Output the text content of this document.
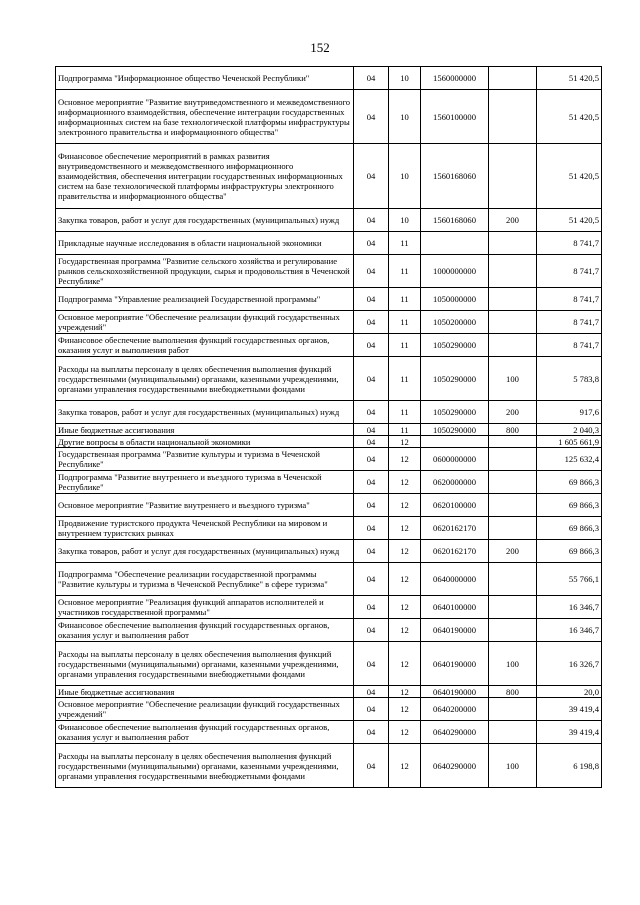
152
Подпрограмма "Информационное общество Чеченской Республики"	04	10	1560000000		51 420,5
Основное мероприятие "Развитие внутриведомственного и межведомственного информационного взаимодействия, обеспечение интеграции государственных информационных систем на базе технологической платформы инфраструктуры электронного правительства и информационного общества"	04	10	1560100000		51 420,5
Финансовое обеспечение мероприятий в рамках развития внутриведомственного и межведомственного информационного взаимодействия, обеспечения интеграции государственных информационных систем на базе технологической платформы инфраструктуры электронного правительства и информационного общества"	04	10	1560168060		51 420,5
Закупка товаров, работ и услуг для государственных (муниципальных) нужд	04	10	1560168060	200	51 420,5
Прикладные научные исследования в области национальной экономики	04	11			8 741,7
Государственная программа "Развитие сельского хозяйства и регулирование рынков сельскохозяйственной продукции, сырья и продовольствия в Чеченской Республике"	04	11	1000000000		8 741,7
Подпрограмма "Управление реализацией Государственной программы"	04	11	1050000000		8 741,7
Основное мероприятие "Обеспечение реализации функций государственных учреждений"	04	11	1050200000		8 741,7
Финансовое обеспечение выполнения функций государственных органов, оказания услуг и выполнения работ	04	11	1050290000		8 741,7
Расходы на выплаты персоналу в целях обеспечения выполнения функций государственными (муниципальными) органами, казенными учреждениями, органами управления государственными внебюджетными фондами	04	11	1050290000	100	5 783,8
Закупка товаров, работ и услуг для государственных (муниципальных) нужд	04	11	1050290000	200	917,6
Иные бюджетные ассигнования	04	11	1050290000	800	2 040,3
Другие вопросы в области национальной экономики	04	12			1 605 661,9
Государственная программа "Развитие культуры и туризма в Чеченской Республике"	04	12	0600000000		125 632,4
Подпрограмма "Развитие внутреннего и въездного туризма в Чеченской Республике"	04	12	0620000000		69 866,3
Основное мероприятие "Развитие внутреннего и въездного туризма"	04	12	0620100000		69 866,3
Продвижение туристского продукта Чеченской Республики на мировом и внутреннем туристских рынках	04	12	0620162170		69 866,3
Закупка товаров, работ и услуг для государственных (муниципальных) нужд	04	12	0620162170	200	69 866,3
Подпрограмма "Обеспечение реализации государственной программы "Развитие культуры и туризма в Чеченской Республике" в сфере туризма"	04	12	0640000000		55 766,1
Основное мероприятие "Реализация функций аппаратов исполнителей и участников государственной программы"	04	12	0640100000		16 346,7
Финансовое обеспечение выполнения функций государственных органов, оказания услуг и выполнения работ	04	12	0640190000		16 346,7
Расходы на выплаты персоналу в целях обеспечения выполнения функций государственными (муниципальными) органами, казенными учреждениями, органами управления государственными внебюджетными фондами	04	12	0640190000	100	16 326,7
Иные бюджетные ассигнования	04	12	0640190000	800	20,0
Основное мероприятие "Обеспечение реализации функций государственных учреждений"	04	12	0640200000		39 419,4
Финансовое обеспечение выполнения функций государственных органов, оказания услуг и выполнения работ	04	12	0640290000		39 419,4
Расходы на выплаты персоналу в целях обеспечения выполнения функций государственными (муниципальными) органами, казенными учреждениями, органами управления государственными внебюджетными фондами	04	12	0640290000	100	6 198,8
